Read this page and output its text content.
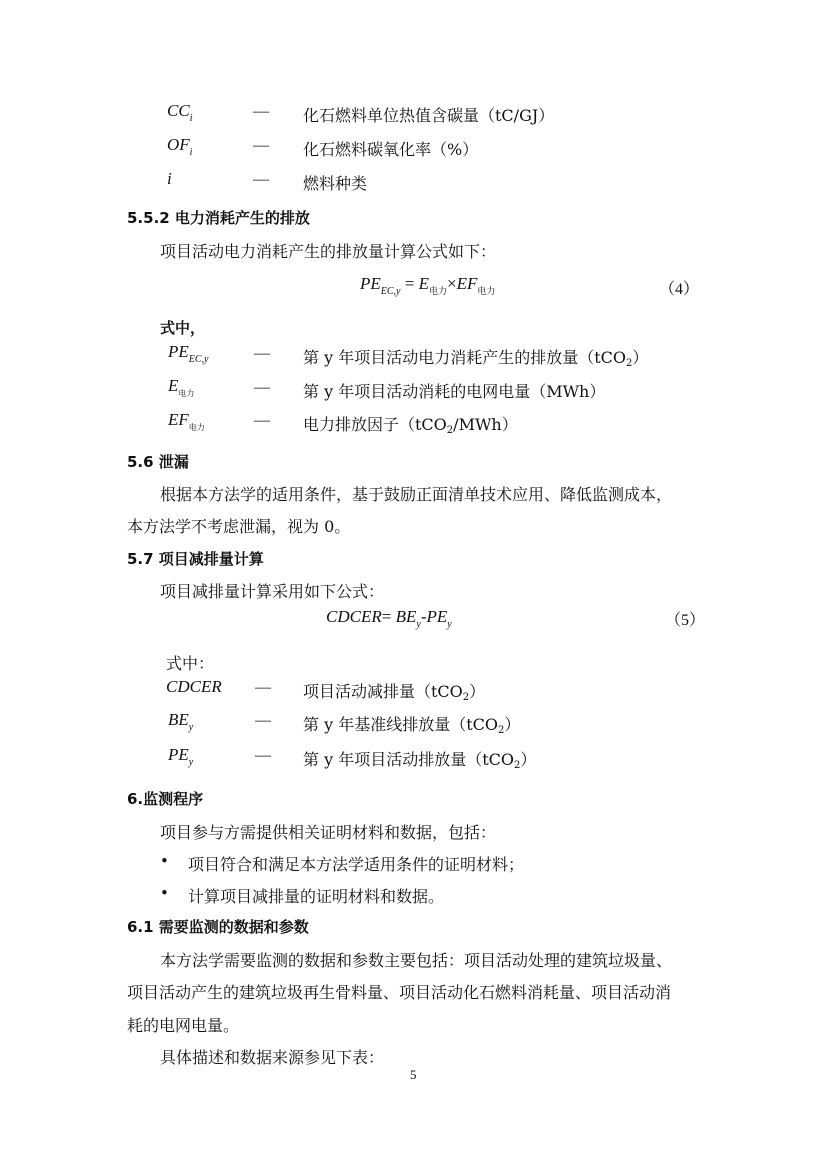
$CC_i$	— 化石燃料单位热值含碳量（tC/GJ）
$OF_i$	— 化石燃料碳氧化率（%）
i	— 燃料种类
5.5.2 电力消耗产生的排放
项目活动电力消耗产生的排放量计算公式如下：
$PE_{EC,y} = E_{电力}\times EF_{电力}$	（4）
式中，
$PE_{EC,y}$	— 第 y 年项目活动电力消耗产生的排放量（tCO$_2$）
$E_{电力}$	— 第 y 年项目活动消耗的电网电量（MWh）
$EF_{电力}$	— 电力排放因子（tCO$_2$/MWh）
5.6 泄漏
根据本方法学的适用条件，基于鼓励正面清单技术应用、降低监测成本，
本方法学不考虑泄漏，视为 0。
5.7 项目减排量计算
项目减排量计算采用如下公式：
CDCER= $BE_y-PE_y$	（5）
式中：
CDCER — 项目活动减排量（tCO$_2$）
$BE_y$	— 第 y 年基准线排放量（tCO$_2$）
$PE_y$	— 第 y 年项目活动排放量（tCO$_2$）
6.监测程序
项目参与方需提供相关证明材料和数据，包括：
• 项目符合和满足本方法学适用条件的证明材料；
• 计算项目减排量的证明材料和数据。
6.1 需要监测的数据和参数
本方法学需要监测的数据和参数主要包括：项目活动处理的建筑垃圾量、
项目活动产生的建筑垃圾再生骨料量、项目活动化石燃料消耗量、项目活动消
耗的电网电量。
具体描述和数据来源参见下表：
5
